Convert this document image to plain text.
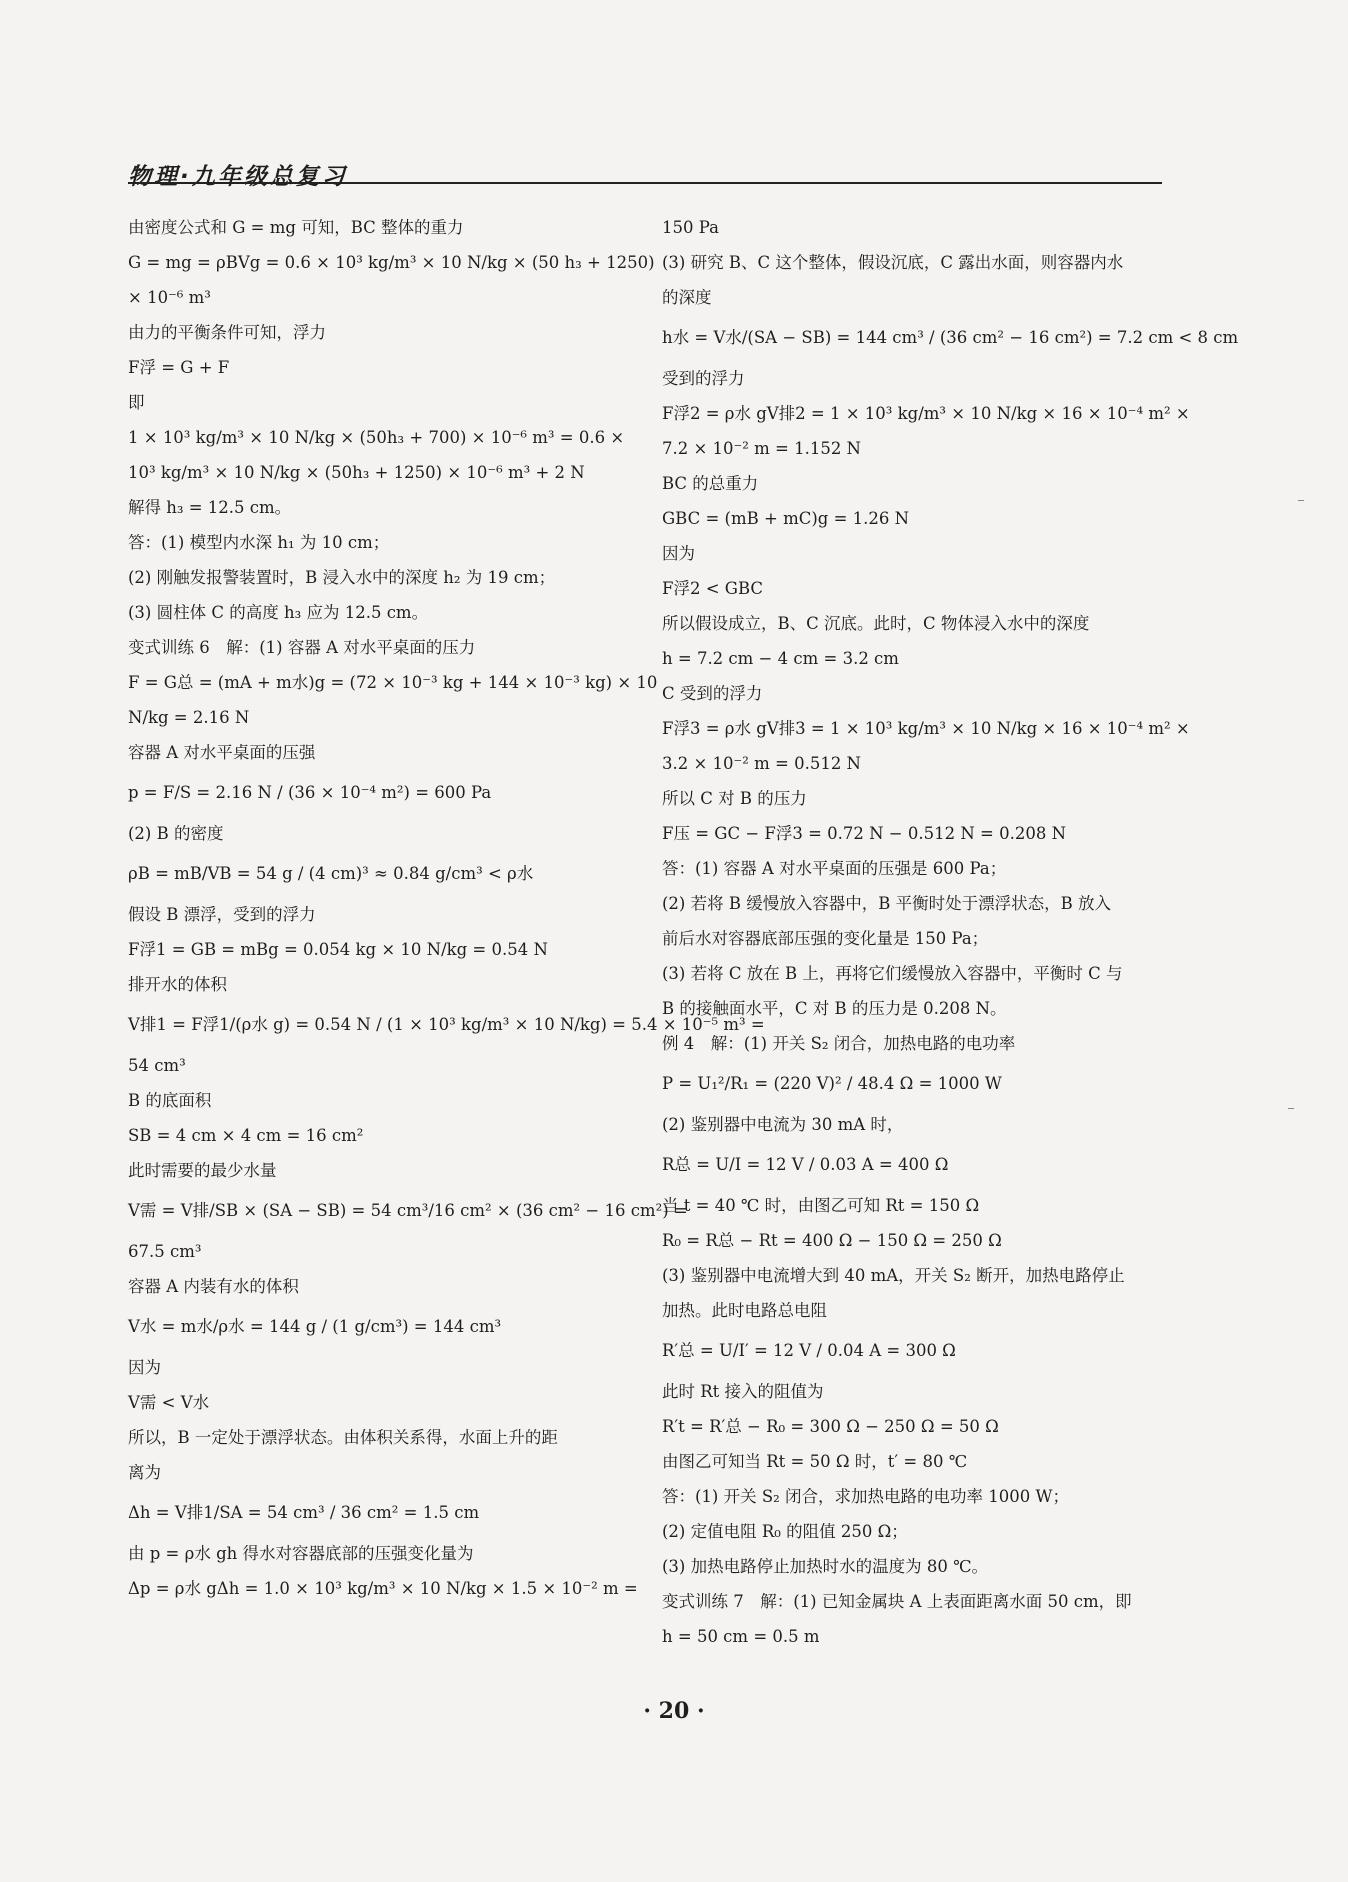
物理·九年级总复习
由密度公式和 G = mg 可知，BC 整体的重力
G = mg = ρBVg = 0.6 × 10³ kg/m³ × 10 N/kg × (50 h₃ + 1250)
× 10⁻⁶ m³
由力的平衡条件可知，浮力
F浮 = G + F
即
1 × 10³ kg/m³ × 10 N/kg × (50h₃ + 700) × 10⁻⁶ m³ = 0.6 ×
10³ kg/m³ × 10 N/kg × (50h₃ + 1250) × 10⁻⁶ m³ + 2 N
解得 h₃ = 12.5 cm。
答：(1) 模型内水深 h₁ 为 10 cm；
(2) 刚触发报警装置时，B 浸入水中的深度 h₂ 为 19 cm；
(3) 圆柱体 C 的高度 h₃ 应为 12.5 cm。
变式训练 6　解：(1) 容器 A 对水平桌面的压力
F = G总 = (mA + m水)g = (72 × 10⁻³ kg + 144 × 10⁻³ kg) × 10
N/kg = 2.16 N
容器 A 对水平桌面的压强
p = F/S = 2.16 N / (36 × 10⁻⁴ m²) = 600 Pa
(2) B 的密度
ρB = mB/VB = 54 g / (4 cm)³ ≈ 0.84 g/cm³ < ρ水
假设 B 漂浮，受到的浮力
F浮1 = GB = mBg = 0.054 kg × 10 N/kg = 0.54 N
排开水的体积
V排1 = F浮1/(ρ水 g) = 0.54 N / (1 × 10³ kg/m³ × 10 N/kg) = 5.4 × 10⁻⁵ m³ =
54 cm³
B 的底面积
SB = 4 cm × 4 cm = 16 cm²
此时需要的最少水量
V需 = V排/SB × (SA − SB) = 54 cm³/16 cm² × (36 cm² − 16 cm²) =
67.5 cm³
容器 A 内装有水的体积
V水 = m水/ρ水 = 144 g / (1 g/cm³) = 144 cm³
因为
V需 < V水
所以，B 一定处于漂浮状态。由体积关系得，水面上升的距
离为
Δh = V排1/SA = 54 cm³ / 36 cm² = 1.5 cm
由 p = ρ水 gh 得水对容器底部的压强变化量为
Δp = ρ水 gΔh = 1.0 × 10³ kg/m³ × 10 N/kg × 1.5 × 10⁻² m =
150 Pa
(3) 研究 B、C 这个整体，假设沉底，C 露出水面，则容器内水
的深度
h水 = V水/(SA − SB) = 144 cm³ / (36 cm² − 16 cm²) = 7.2 cm < 8 cm
受到的浮力
F浮2 = ρ水 gV排2 = 1 × 10³ kg/m³ × 10 N/kg × 16 × 10⁻⁴ m² ×
7.2 × 10⁻² m = 1.152 N
BC 的总重力
GBC = (mB + mC)g = 1.26 N
因为
F浮2 < GBC
所以假设成立，B、C 沉底。此时，C 物体浸入水中的深度
h = 7.2 cm − 4 cm = 3.2 cm
C 受到的浮力
F浮3 = ρ水 gV排3 = 1 × 10³ kg/m³ × 10 N/kg × 16 × 10⁻⁴ m² ×
3.2 × 10⁻² m = 0.512 N
所以 C 对 B 的压力
F压 = GC − F浮3 = 0.72 N − 0.512 N = 0.208 N
答：(1) 容器 A 对水平桌面的压强是 600 Pa；
(2) 若将 B 缓慢放入容器中，B 平衡时处于漂浮状态，B 放入
前后水对容器底部压强的变化量是 150 Pa；
(3) 若将 C 放在 B 上，再将它们缓慢放入容器中，平衡时 C 与
B 的接触面水平，C 对 B 的压力是 0.208 N。
例 4　解：(1) 开关 S₂ 闭合，加热电路的电功率
P = U₁²/R₁ = (220 V)² / 48.4 Ω = 1000 W
(2) 鉴别器中电流为 30 mA 时，
R总 = U/I = 12 V / 0.03 A = 400 Ω
当 t = 40 ℃ 时，由图乙可知 Rt = 150 Ω
R₀ = R总 − Rt = 400 Ω − 150 Ω = 250 Ω
(3) 鉴别器中电流增大到 40 mA，开关 S₂ 断开，加热电路停止
加热。此时电路总电阻
R′总 = U/I′ = 12 V / 0.04 A = 300 Ω
此时 Rt 接入的阻值为
R′t = R′总 − R₀ = 300 Ω − 250 Ω = 50 Ω
由图乙可知当 Rt = 50 Ω 时，t′ = 80 ℃
答：(1) 开关 S₂ 闭合，求加热电路的电功率 1000 W；
(2) 定值电阻 R₀ 的阻值 250 Ω；
(3) 加热电路停止加热时水的温度为 80 ℃。
变式训练 7　解：(1) 已知金属块 A 上表面距离水面 50 cm，即
h = 50 cm = 0.5 m
· 20 ·
